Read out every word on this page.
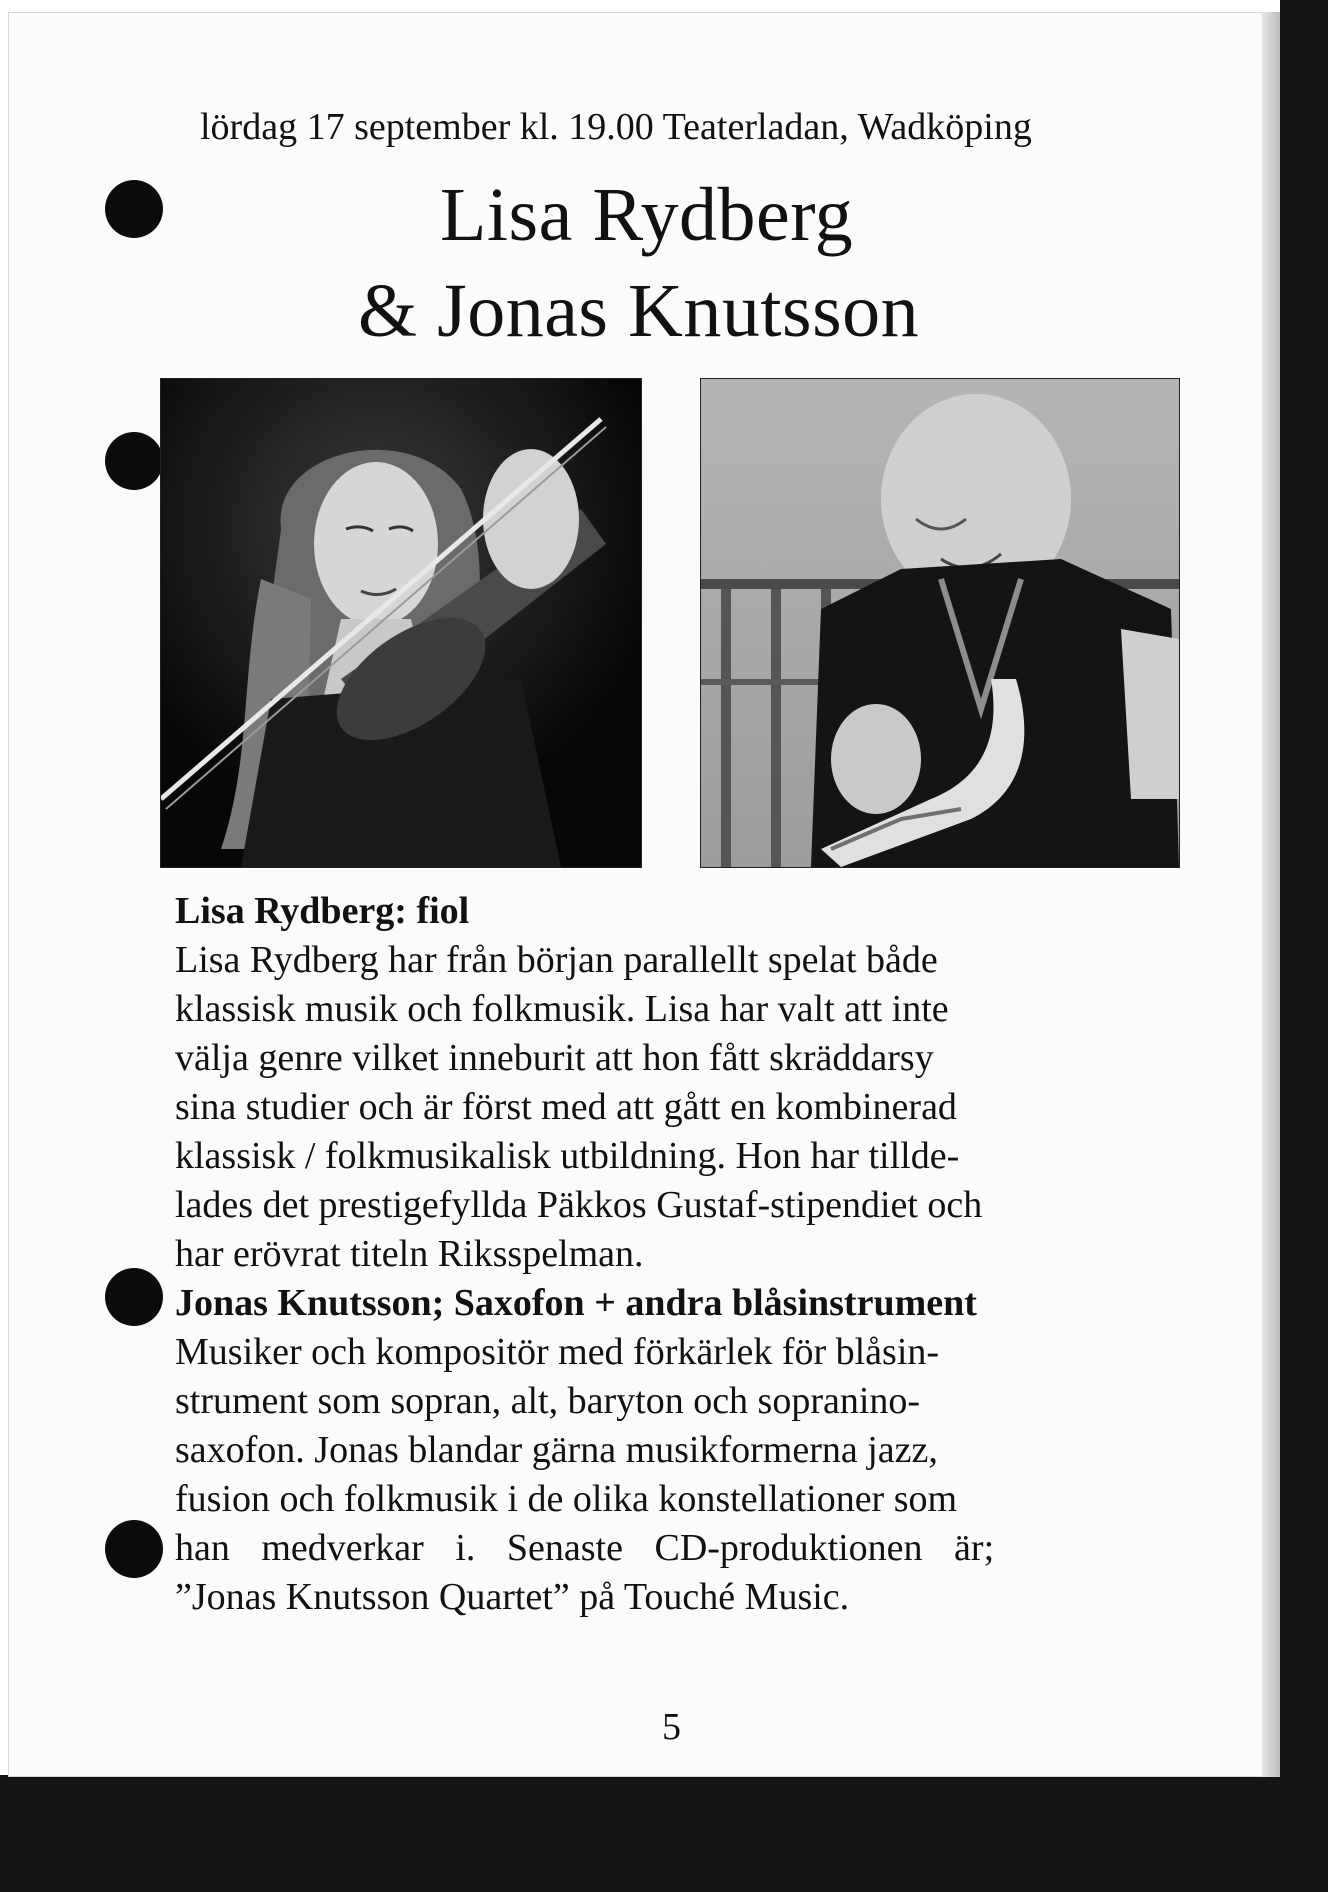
lördag 17 september kl. 19.00 Teaterladan, Wadköping
Lisa Rydberg
& Jonas Knutsson

Lisa Rydberg: fiol

Lisa Rydberg har från början parallellt spelat både

klassisk musik och folkmusik. Lisa har valt att inte

välja genre vilket inneburit att hon fått skräddarsy

sina studier och är först med att gått en kombinerad

klassisk / folkmusikalisk utbildning. Hon har tillde-

lades det prestigefyllda Päkkos Gustaf-stipendiet och

har erövrat titeln Riksspelman.

Jonas Knutsson; Saxofon + andra blåsinstrument

Musiker och kompositör med förkärlek för blåsin-

strument som sopran, alt, baryton och sopranino-

saxofon. Jonas blandar gärna musikformerna jazz,

fusion och folkmusik i de olika konstellationer som

han medverkar i. Senaste CD-produktionen är;

”Jonas Knutsson Quartet” på Touché Music.

5
